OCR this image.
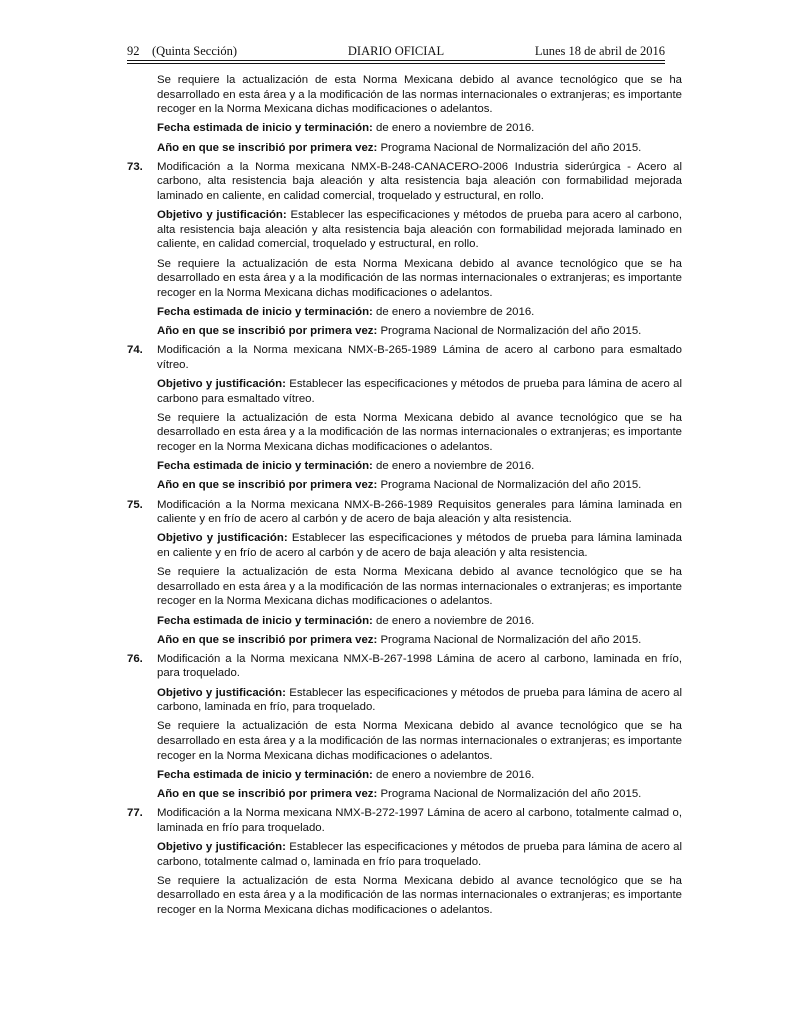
92    (Quinta Sección)	DIARIO OFICIAL	Lunes 18 de abril de 2016

Se requiere la actualización de esta Norma Mexicana debido al avance tecnológico que se ha desarrollado en esta área y a la modificación de las normas internacionales o extranjeras; es importante recoger en la Norma Mexicana dichas modificaciones o adelantos.

Fecha estimada de inicio y terminación: de enero a noviembre de 2016.

Año en que se inscribió por primera vez: Programa Nacional de Normalización del año 2015.

73. Modificación a la Norma mexicana NMX-B-248-CANACERO-2006 Industria siderúrgica - Acero al carbono, alta resistencia baja aleación y alta resistencia baja aleación con formabilidad mejorada laminado en caliente, en calidad comercial, troquelado y estructural, en rollo.

Objetivo y justificación: Establecer las especificaciones y métodos de prueba para acero al carbono, alta resistencia baja aleación y alta resistencia baja aleación con formabilidad mejorada laminado en caliente, en calidad comercial, troquelado y estructural, en rollo.

Se requiere la actualización de esta Norma Mexicana debido al avance tecnológico que se ha desarrollado en esta área y a la modificación de las normas internacionales o extranjeras; es importante recoger en la Norma Mexicana dichas modificaciones o adelantos.

Fecha estimada de inicio y terminación: de enero a noviembre de 2016.

Año en que se inscribió por primera vez: Programa Nacional de Normalización del año 2015.

74. Modificación a la Norma mexicana NMX-B-265-1989 Lámina de acero al carbono para esmaltado vítreo.

Objetivo y justificación: Establecer las especificaciones y métodos de prueba para lámina de acero al carbono para esmaltado vítreo.

Se requiere la actualización de esta Norma Mexicana debido al avance tecnológico que se ha desarrollado en esta área y a la modificación de las normas internacionales o extranjeras; es importante recoger en la Norma Mexicana dichas modificaciones o adelantos.

Fecha estimada de inicio y terminación: de enero a noviembre de 2016.

Año en que se inscribió por primera vez: Programa Nacional de Normalización del año 2015.

75. Modificación a la Norma mexicana NMX-B-266-1989 Requisitos generales para lámina laminada en caliente y en frío de acero al carbón y de acero de baja aleación y alta resistencia.

Objetivo y justificación: Establecer las especificaciones y métodos de prueba para lámina laminada en caliente y en frío de acero al carbón y de acero de baja aleación y alta resistencia.

Se requiere la actualización de esta Norma Mexicana debido al avance tecnológico que se ha desarrollado en esta área y a la modificación de las normas internacionales o extranjeras; es importante recoger en la Norma Mexicana dichas modificaciones o adelantos.

Fecha estimada de inicio y terminación: de enero a noviembre de 2016.

Año en que se inscribió por primera vez: Programa Nacional de Normalización del año 2015.

76. Modificación a la Norma mexicana NMX-B-267-1998 Lámina de acero al carbono, laminada en frío, para troquelado.

Objetivo y justificación: Establecer las especificaciones y métodos de prueba para lámina de acero al carbono, laminada en frío, para troquelado.

Se requiere la actualización de esta Norma Mexicana debido al avance tecnológico que se ha desarrollado en esta área y a la modificación de las normas internacionales o extranjeras; es importante recoger en la Norma Mexicana dichas modificaciones o adelantos.

Fecha estimada de inicio y terminación: de enero a noviembre de 2016.

Año en que se inscribió por primera vez: Programa Nacional de Normalización del año 2015.

77. Modificación a la Norma mexicana NMX-B-272-1997 Lámina de acero al carbono, totalmente calmad o, laminada en frío para troquelado.

Objetivo y justificación: Establecer las especificaciones y métodos de prueba para lámina de acero al carbono, totalmente calmad o, laminada en frío para troquelado.

Se requiere la actualización de esta Norma Mexicana debido al avance tecnológico que se ha desarrollado en esta área y a la modificación de las normas internacionales o extranjeras; es importante recoger en la Norma Mexicana dichas modificaciones o adelantos.
